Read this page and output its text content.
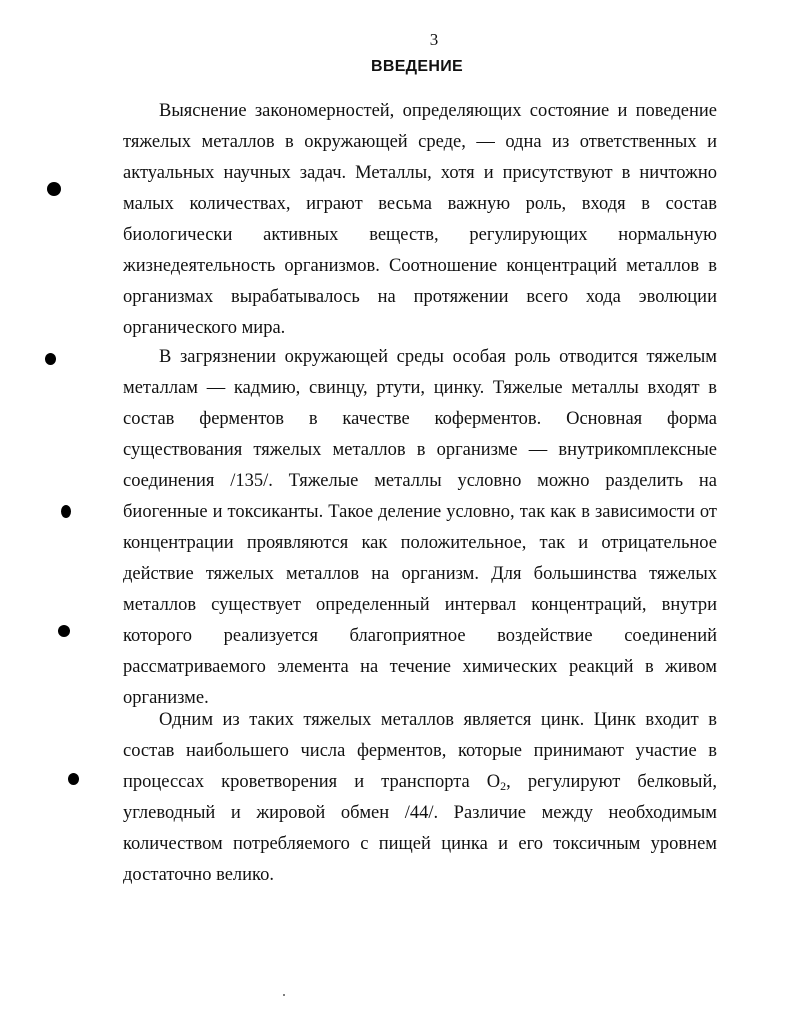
3
ВВЕДЕНИЕ

Выяснение закономерностей, определяющих состояние и поведение тяжелых металлов в окружающей среде, — одна из ответственных и актуальных научных задач. Металлы, хотя и присутствуют в ничтожно малых количествах, играют весьма важную роль, входя в состав биологически активных веществ, регулирующих нормальную жизнедеятельность организмов. Соотношение концентраций металлов в организмах вырабатывалось на протяжении всего хода эволюции органического мира.

В загрязнении окружающей среды особая роль отводится тяжелым металлам — кадмию, свинцу, ртути, цинку. Тяжелые металлы входят в состав ферментов в качестве коферментов. Основная форма существования тяжелых металлов в организме — внутрикомплексные соединения /135/. Тяжелые металлы условно можно разделить на биогенные и токсиканты. Такое деление условно, так как в зависимости от концентрации проявляются как положительное, так и отрицательное действие тяжелых металлов на организм. Для большинства тяжелых металлов существует определенный интервал концентраций, внутри которого реализуется благоприятное воздействие соединений рассматриваемого элемента на течение химических реакций в живом организме.

Одним из таких тяжелых металлов является цинк. Цинк входит в состав наибольшего числа ферментов, которые принимают участие в процессах кроветворения и транспорта $O_2$, регулируют белковый, углеводный и жировой обмен /44/. Различие между необходимым количеством потребляемого с пищей цинка и его токсичным уровнем достаточно велико.
